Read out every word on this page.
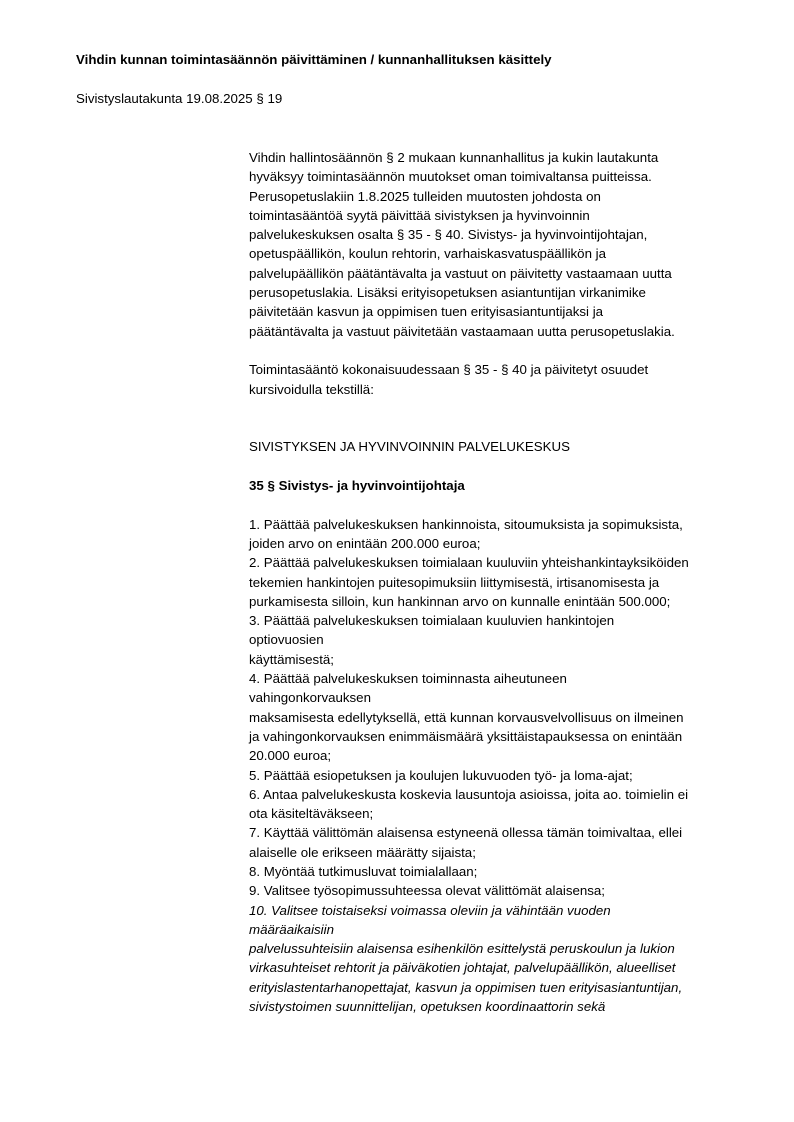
Vihdin kunnan toimintasäännön päivittäminen / kunnanhallituksen käsittely
Sivistyslautakunta 19.08.2025 § 19
Vihdin hallintosäännön § 2 mukaan kunnanhallitus ja kukin lautakunta
hyväksyy toimintasäännön muutokset oman toimivaltansa puitteissa.
Perusopetuslakiin 1.8.2025 tulleiden muutosten johdosta on
toimintasääntöä syytä päivittää sivistyksen ja hyvinvoinnin
palvelukeskuksen osalta § 35 - § 40. Sivistys- ja hyvinvointijohtajan,
opetuspäällikön, koulun rehtorin, varhaiskasvatuspäällikön ja
palvelupäällikön päätäntävalta ja vastuut on päivitetty vastaamaan uutta
perusopetuslakia. Lisäksi erityisopetuksen asiantuntijan virkanimike
päivitetään kasvun ja oppimisen tuen erityisasiantuntijaksi ja
päätäntävalta ja vastuut päivitetään vastaamaan uutta perusopetuslakia.
Toimintasääntö kokonaisuudessaan § 35 - § 40 ja päivitetyt osuudet
kursivoidulla tekstillä:
SIVISTYKSEN JA HYVINVOINNIN PALVELUKESKUS
35 § Sivistys- ja hyvinvointijohtaja
1. Päättää palvelukeskuksen hankinnoista, sitoumuksista ja sopimuksista,
joiden arvo on enintään 200.000 euroa;
2. Päättää palvelukeskuksen toimialaan kuuluviin yhteishankintayksiköiden
tekemien hankintojen puitesopimuksiin liittymisestä, irtisanomisesta ja
purkamisesta silloin, kun hankinnan arvo on kunnalle enintään 500.000;
3. Päättää palvelukeskuksen toimialaan kuuluvien hankintojen
optiovuosien
käyttämisestä;
4. Päättää palvelukeskuksen toiminnasta aiheutuneen
vahingonkorvauksen
maksamisesta edellytyksellä, että kunnan korvausvelvollisuus on ilmeinen
ja vahingonkorvauksen enimmäismäärä yksittäistapauksessa on enintään
20.000 euroa;
5. Päättää esiopetuksen ja koulujen lukuvuoden työ- ja loma-ajat;
6. Antaa palvelukeskusta koskevia lausuntoja asioissa, joita ao. toimielin ei
ota käsiteltäväkseen;
7. Käyttää välittömän alaisensa estyneenä ollessa tämän toimivaltaa, ellei
alaiselle ole erikseen määrätty sijaista;
8. Myöntää tutkimusluvat toimialallaan;
9. Valitsee työsopimussuhteessa olevat välittömät alaisensa;
10. Valitsee toistaiseksi voimassa oleviin ja vähintään vuoden
määräaikaisiin
palvelussuhteisiin alaisensa esihenkilön esittelystä peruskoulun ja lukion
virkasuhteiset rehtorit ja päiväkotien johtajat, palvelupäällikön, alueelliset
erityislastentarhanopettajat, kasvun ja oppimisen tuen erityisasiantuntijan,
sivistystoimen suunnittelijan, opetuksen koordinaattorin sekä
